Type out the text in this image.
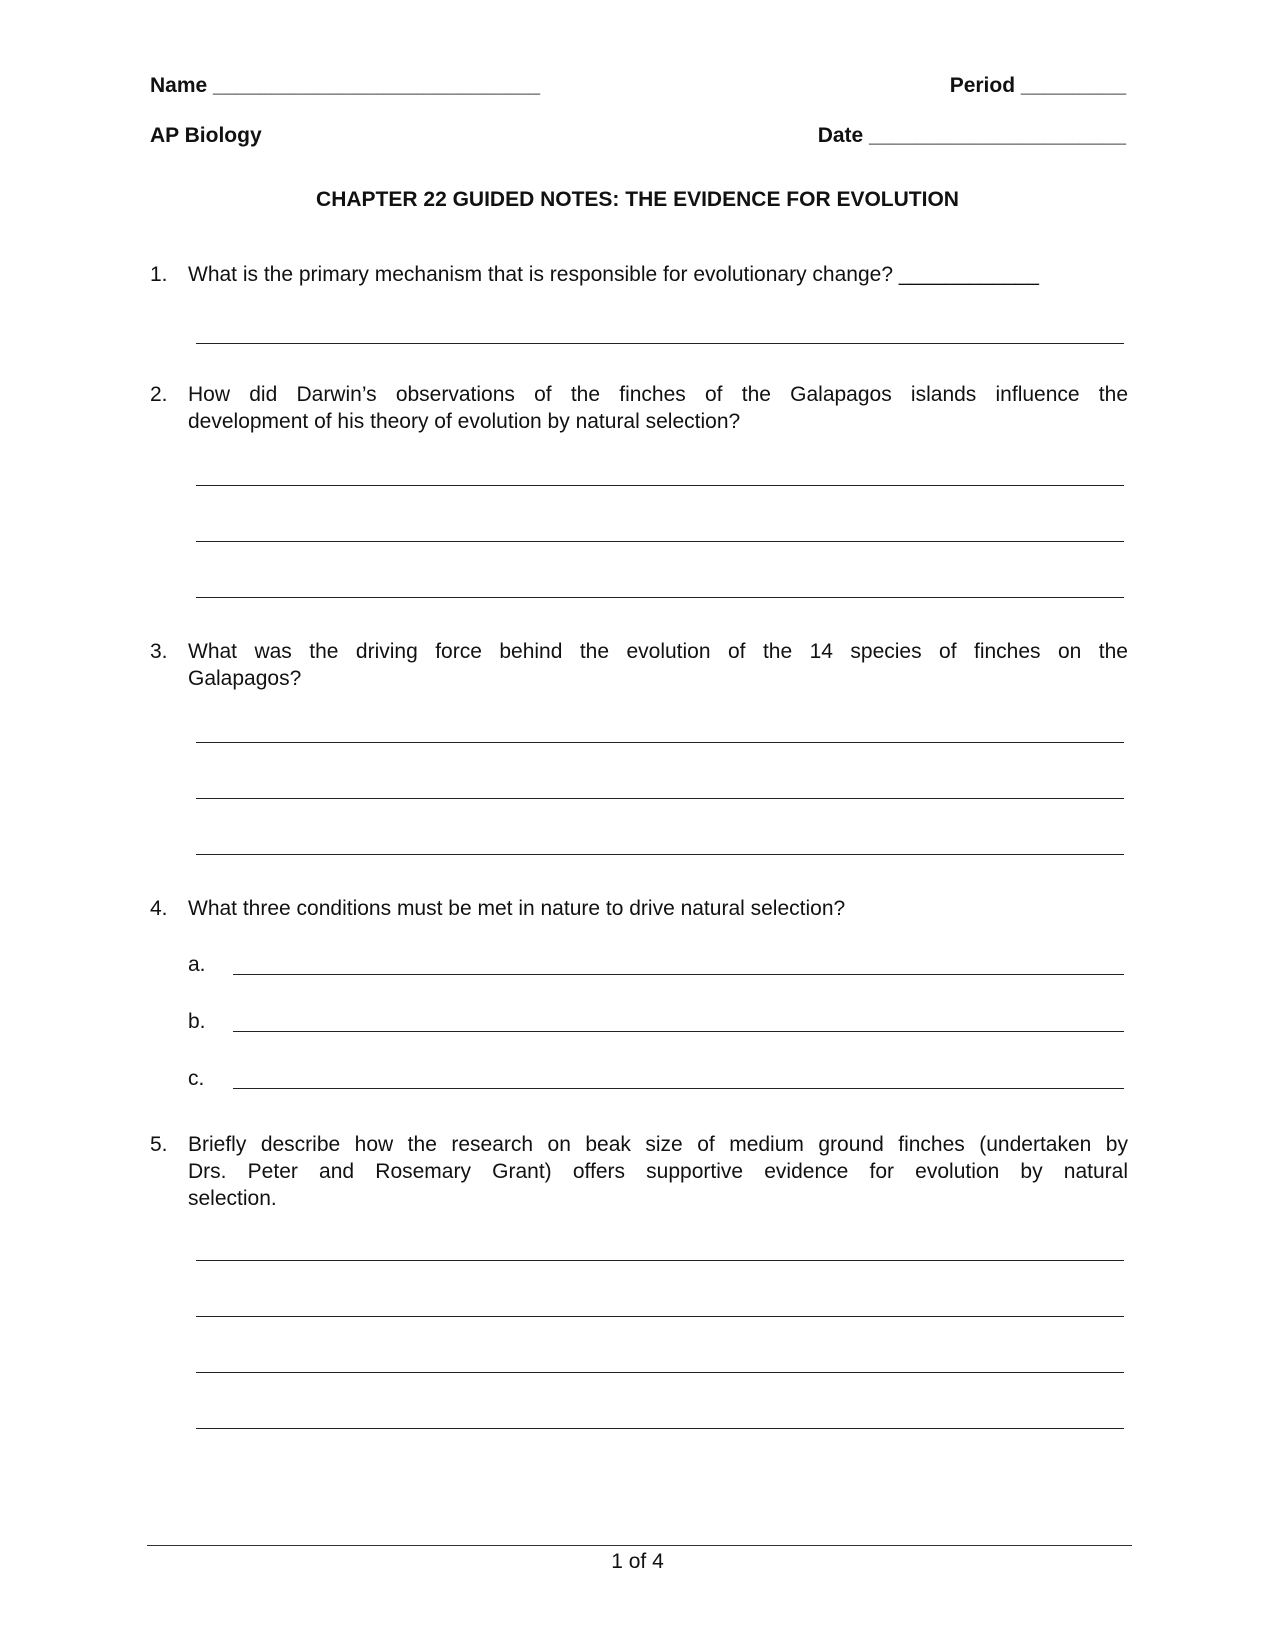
Name ____________________________	Period _________
AP Biology	Date ______________________
CHAPTER 22 GUIDED NOTES: THE EVIDENCE FOR EVOLUTION
1. What is the primary mechanism that is responsible for evolutionary change? ____________
2. How did Darwin’s observations of the finches of the Galapagos islands influence the
development of his theory of evolution by natural selection?
3. What was the driving force behind the evolution of the 14 species of finches on the
Galapagos?
4. What three conditions must be met in nature to drive natural selection?
a.
b.
c.
5. Briefly describe how the research on beak size of medium ground finches (undertaken by
Drs. Peter and Rosemary Grant) offers supportive evidence for evolution by natural
selection.
1 of 4
